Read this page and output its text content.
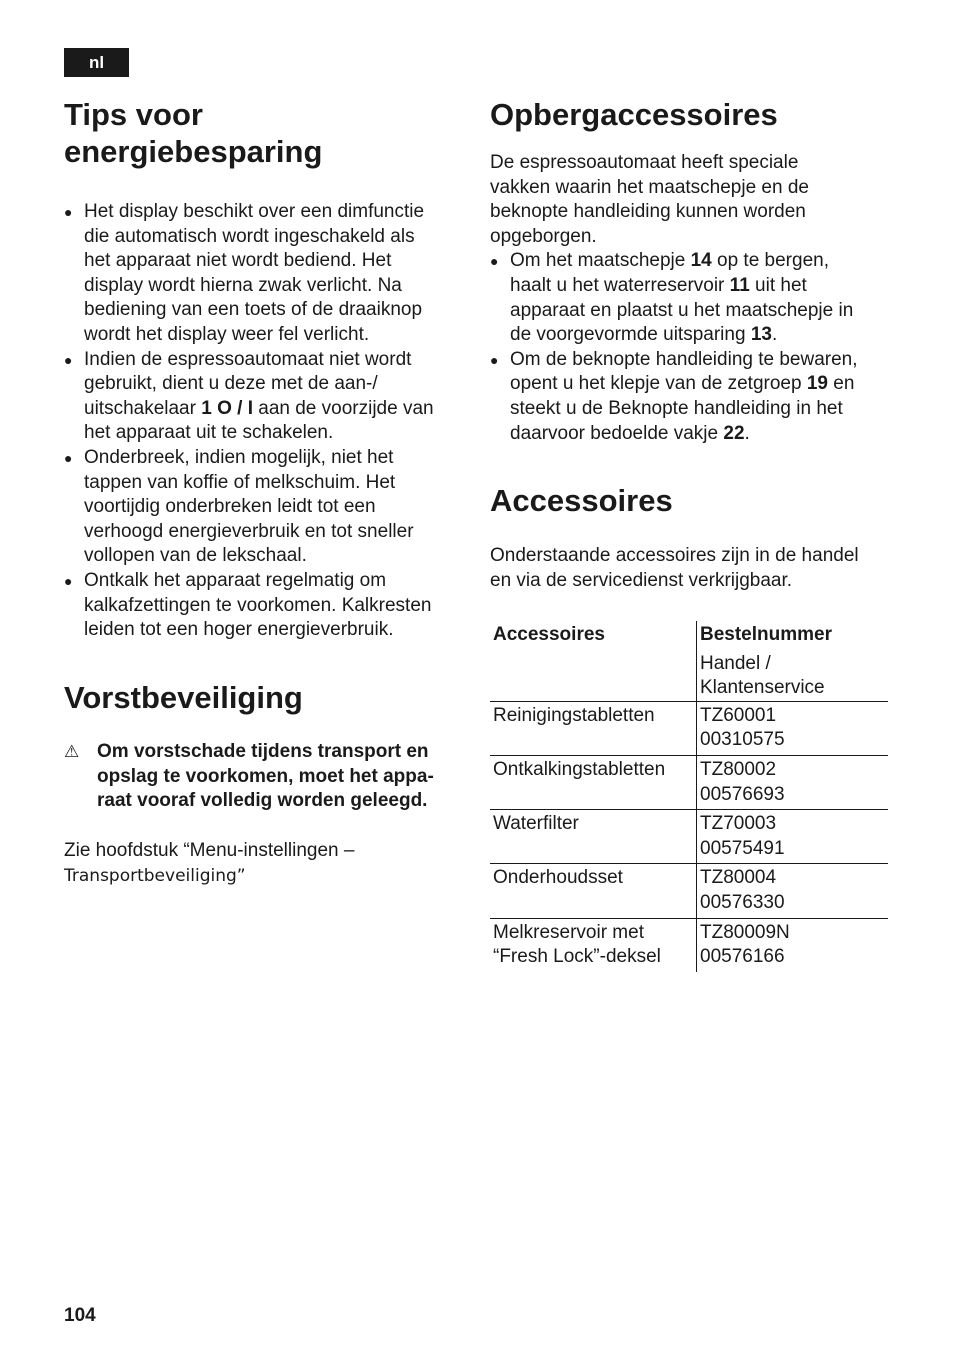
nl
Tips voor
energiebesparing
● Het display beschikt over een dimfunctie
die automatisch wordt ingeschakeld als
het apparaat niet wordt bediend. Het
display wordt hierna zwak verlicht. Na
bediening van een toets of de draaiknop
wordt het display weer fel verlicht.
● Indien de espressoautomaat niet wordt
gebruikt, dient u deze met de aan-/
uitschakelaar 1 O / I aan de voorzijde van
het apparaat uit te schakelen.
● Onderbreek, indien mogelijk, niet het
tappen van koffie of melkschuim. Het
voortijdig onderbreken leidt tot een
verhoogd energieverbruik en tot sneller
vollopen van de lekschaal.
● Ontkalk het apparaat regelmatig om
kalkafzettingen te voorkomen. Kalkresten
leiden tot een hoger energieverbruik.
Vorstbeveiliging
⚠ Om vorstschade tijdens transport en
opslag te voorkomen, moet het appa-
raat vooraf volledig worden geleegd.
Zie hoofdstuk “Menu-instellingen –
Transportbeveiliging”
Opbergaccessoires

De espressoautomaat heeft speciale
vakken waarin het maatschepje en de
beknopte handleiding kunnen worden
opgeborgen.

● Om het maatschepje 14 op te bergen,
haalt u het waterreservoir 11 uit het
apparaat en plaatst u het maatschepje in
de voorgevormde uitsparing 13.
● Om de beknopte handleiding te bewaren,
opent u het klepje van de zetgroep 19 en
steekt u de Beknopte handleiding in het
daarvoor bedoelde vakje 22.
Accessoires
Onderstaande accessoires zijn in de handel
en via de servicedienst verkrijgbaar.
Accessoires	Bestelnummer
	Handel /
Klantenservice
Reinigingstabletten	TZ60001
00310575
Ontkalkingstabletten	TZ80002
00576693
Waterfilter	TZ70003
00575491
Onderhoudsset	TZ80004
00576330
Melkreservoir met
“Fresh Lock”-deksel	TZ80009N
00576166
104
